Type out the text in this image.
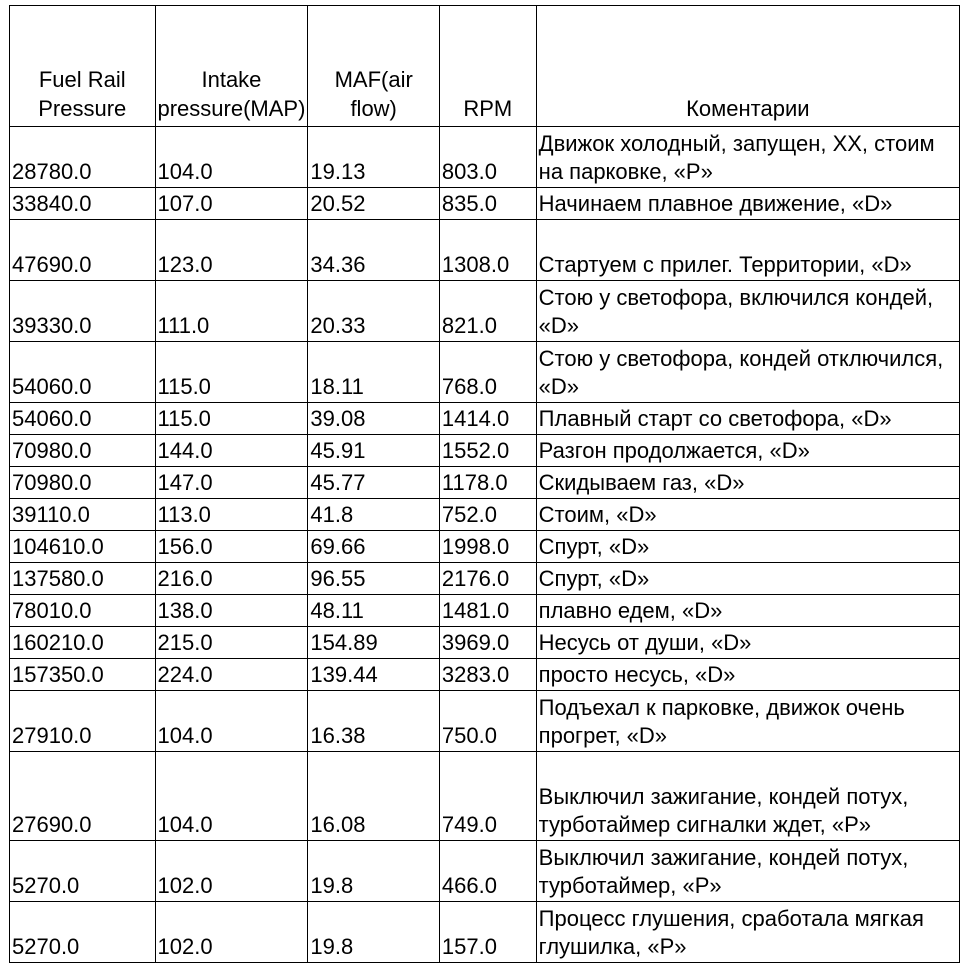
Fuel Rail Pressure	Intake pressure(MAP)	MAF(air flow)	RPM	Коментарии
28780.0	104.0	19.13	803.0	Движок холодный, запущен, ХХ, стоим на парковке, «P»
33840.0	107.0	20.52	835.0	Начинаем плавное движение, «D»
47690.0	123.0	34.36	1308.0	Стартуем с прилег. Территории, «D»
39330.0	111.0	20.33	821.0	Стою у светофора, включился кондей, «D»
54060.0	115.0	18.11	768.0	Стою у светофора, кондей отключился, «D»
54060.0	115.0	39.08	1414.0	Плавный старт со светофора, «D»
70980.0	144.0	45.91	1552.0	Разгон продолжается, «D»
70980.0	147.0	45.77	1178.0	Скидываем газ, «D»
39110.0	113.0	41.8	752.0	Стоим, «D»
104610.0	156.0	69.66	1998.0	Спурт, «D»
137580.0	216.0	96.55	2176.0	Спурт, «D»
78010.0	138.0	48.11	1481.0	плавно едем, «D»
160210.0	215.0	154.89	3969.0	Несусь от души, «D»
157350.0	224.0	139.44	3283.0	просто несусь, «D»
27910.0	104.0	16.38	750.0	Подъехал к парковке, движок очень прогрет, «D»
27690.0	104.0	16.08	749.0	Выключил зажигание, кондей потух, турботаймер сигналки ждет, «P»
5270.0	102.0	19.8	466.0	Выключил зажигание, кондей потух, турботаймер, «P»
5270.0	102.0	19.8	157.0	Процесс глушения, сработала мягкая глушилка, «P»
